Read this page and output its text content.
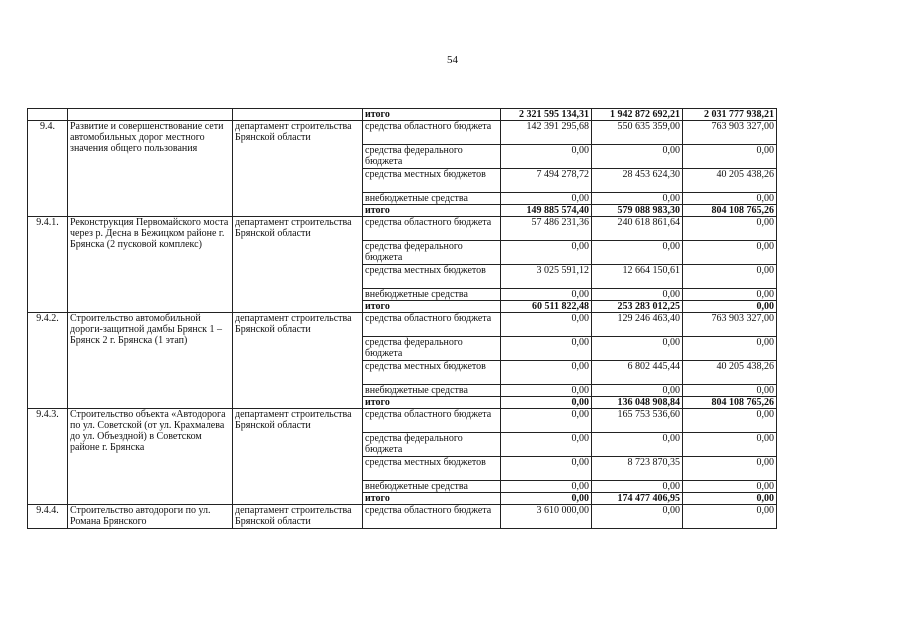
54
			итого	2 321 595 134,31	1 942 872 692,21	2 031 777 938,21
9.4.	Развитие и совершенствование сети автомобильных дорог местного значения общего пользования	департамент строительства Брянской области	средства областного бюджета	142 391 295,68	550 635 359,00	763 903 327,00
			средства федерального бюджета	0,00	0,00	0,00
			средства местных бюджетов	7 494 278,72	28 453 624,30	40 205 438,26
			внебюджетные средства	0,00	0,00	0,00
			итого	149 885 574,40	579 088 983,30	804 108 765,26
9.4.1.	Реконструкция Первомайского моста через р. Десна в Бежицком районе г. Брянска (2 пусковой комплекс)	департамент строительства Брянской области	средства областного бюджета	57 486 231,36	240 618 861,64	0,00
			средства федерального бюджета	0,00	0,00	0,00
			средства местных бюджетов	3 025 591,12	12 664 150,61	0,00
			внебюджетные средства	0,00	0,00	0,00
			итого	60 511 822,48	253 283 012,25	0,00
9.4.2.	Строительство автомобильной дороги-защитной дамбы Брянск 1 – Брянск 2 г. Брянска (1 этап)	департамент строительства Брянской области	средства областного бюджета	0,00	129 246 463,40	763 903 327,00
			средства федерального бюджета	0,00	0,00	0,00
			средства местных бюджетов	0,00	6 802 445,44	40 205 438,26
			внебюджетные средства	0,00	0,00	0,00
			итого	0,00	136 048 908,84	804 108 765,26
9.4.3.	Строительство объекта «Автодорога по ул. Советской (от ул. Крахмалева до ул. Объездной) в Советском районе г. Брянска	департамент строительства Брянской области	средства областного бюджета	0,00	165 753 536,60	0,00
			средства федерального бюджета	0,00	0,00	0,00
			средства местных бюджетов	0,00	8 723 870,35	0,00
			внебюджетные средства	0,00	0,00	0,00
			итого	0,00	174 477 406,95	0,00
9.4.4.	Строительство автодороги по ул. Романа Брянского	департамент строительства Брянской области	средства областного бюджета	3 610 000,00	0,00	0,00
